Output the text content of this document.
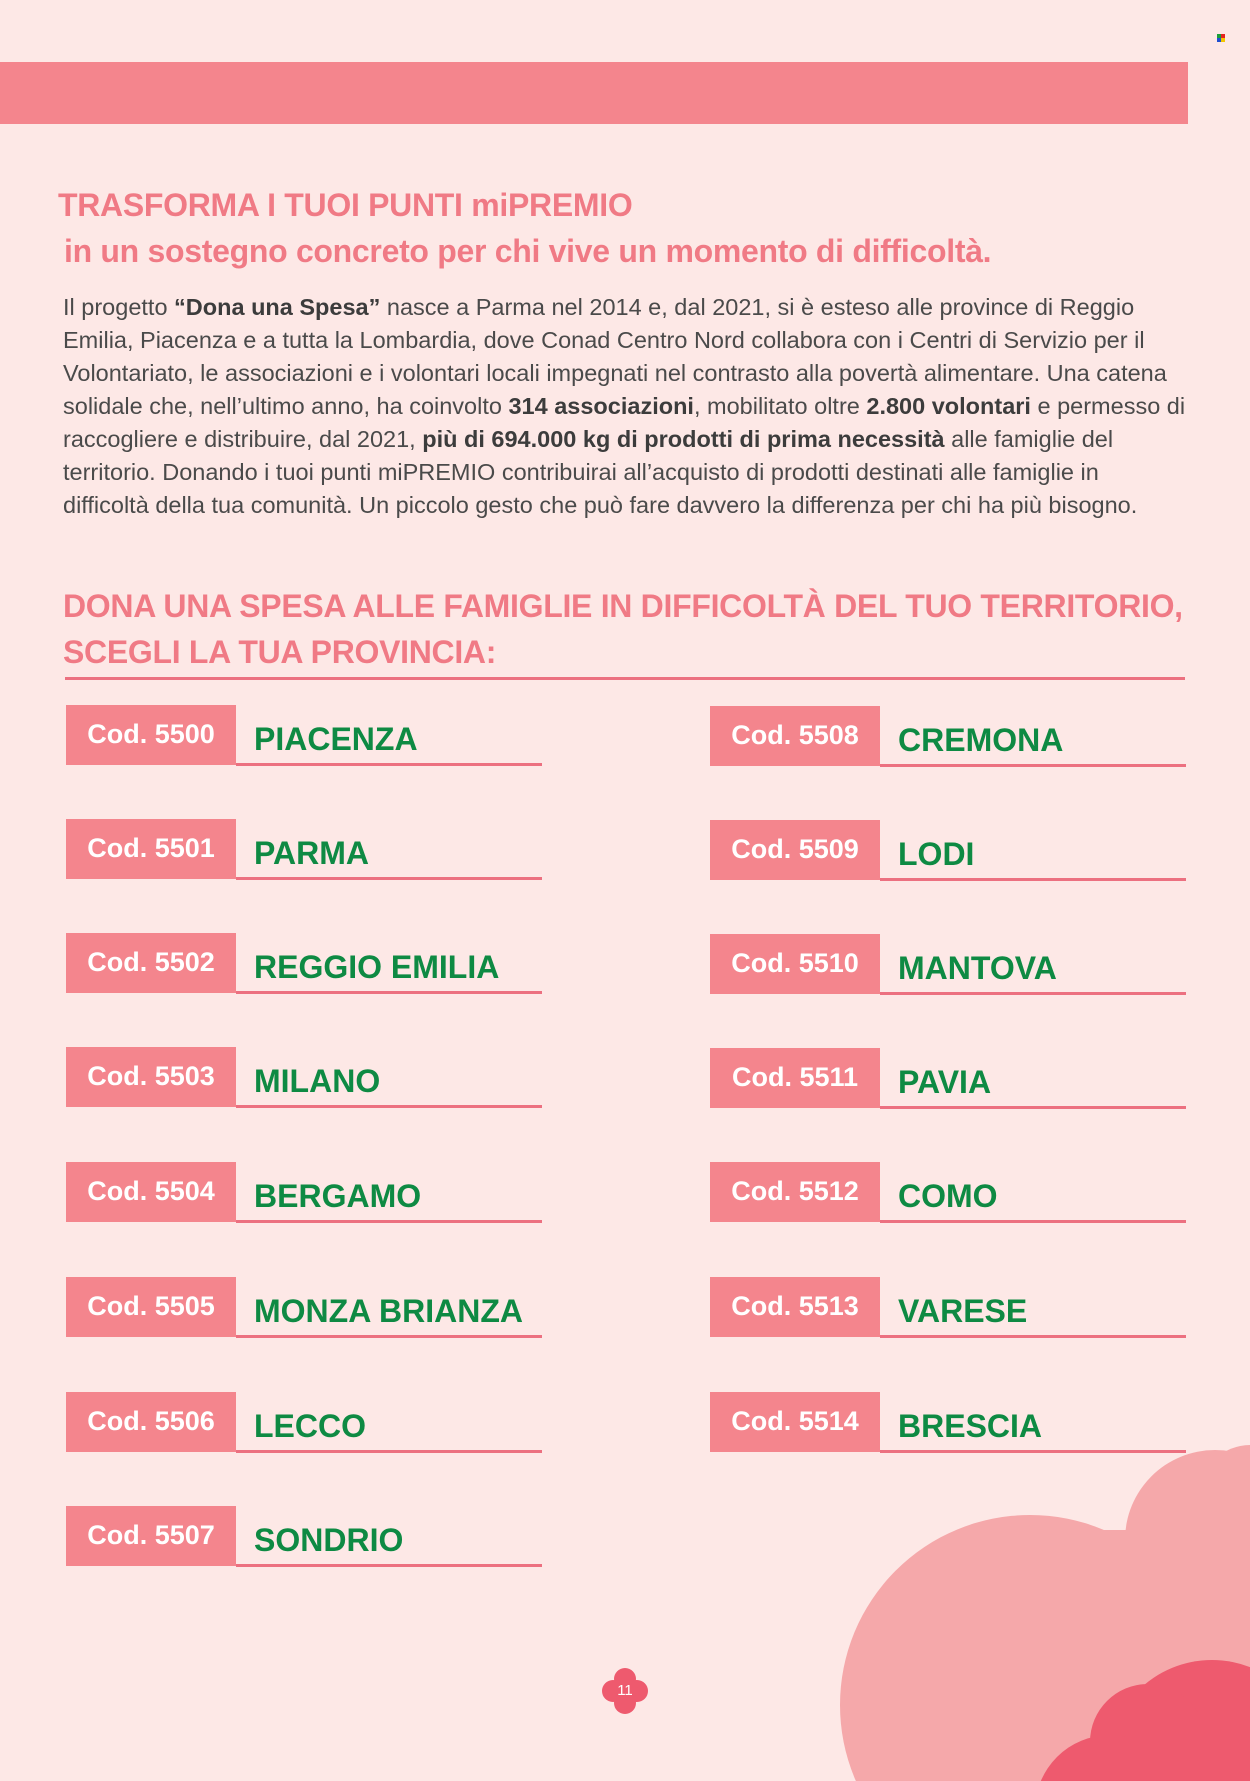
TRASFORMA I TUOI PUNTI miPREMIO
in un sostegno concreto per chi vive un momento di difficoltà.

Il progetto “Dona una Spesa” nasce a Parma nel 2014 e, dal 2021, si è esteso alle province di Reggio Emilia, Piacenza e a tutta la Lombardia, dove Conad Centro Nord collabora con i Centri di Servizio per il Volontariato, le associazioni e i volontari locali impegnati nel contrasto alla povertà alimentare. Una catena solidale che, nell’ultimo anno, ha coinvolto 314 associazioni, mobilitato oltre 2.800 volontari e permesso di raccogliere e distribuire, dal 2021, più di 694.000 kg di prodotti di prima necessità alle famiglie del territorio. Donando i tuoi punti miPREMIO contribuirai all’acquisto di prodotti destinati alle famiglie in difficoltà della tua comunità. Un piccolo gesto che può fare davvero la differenza per chi ha più bisogno.

DONA UNA SPESA ALLE FAMIGLIE IN DIFFICOLTÀ DEL TUO TERRITORIO,
SCEGLI LA TUA PROVINCIA:
Cod. 5500	PIACENZA
Cod. 5501	PARMA
Cod. 5502	REGGIO EMILIA
Cod. 5503	MILANO
Cod. 5504	BERGAMO
Cod. 5505	MONZA BRIANZA
Cod. 5506	LECCO
Cod. 5507	SONDRIO
Cod. 5508	CREMONA
Cod. 5509	LODI
Cod. 5510	MANTOVA
Cod. 5511	PAVIA
Cod. 5512	COMO
Cod. 5513	VARESE
Cod. 5514	BRESCIA
11
